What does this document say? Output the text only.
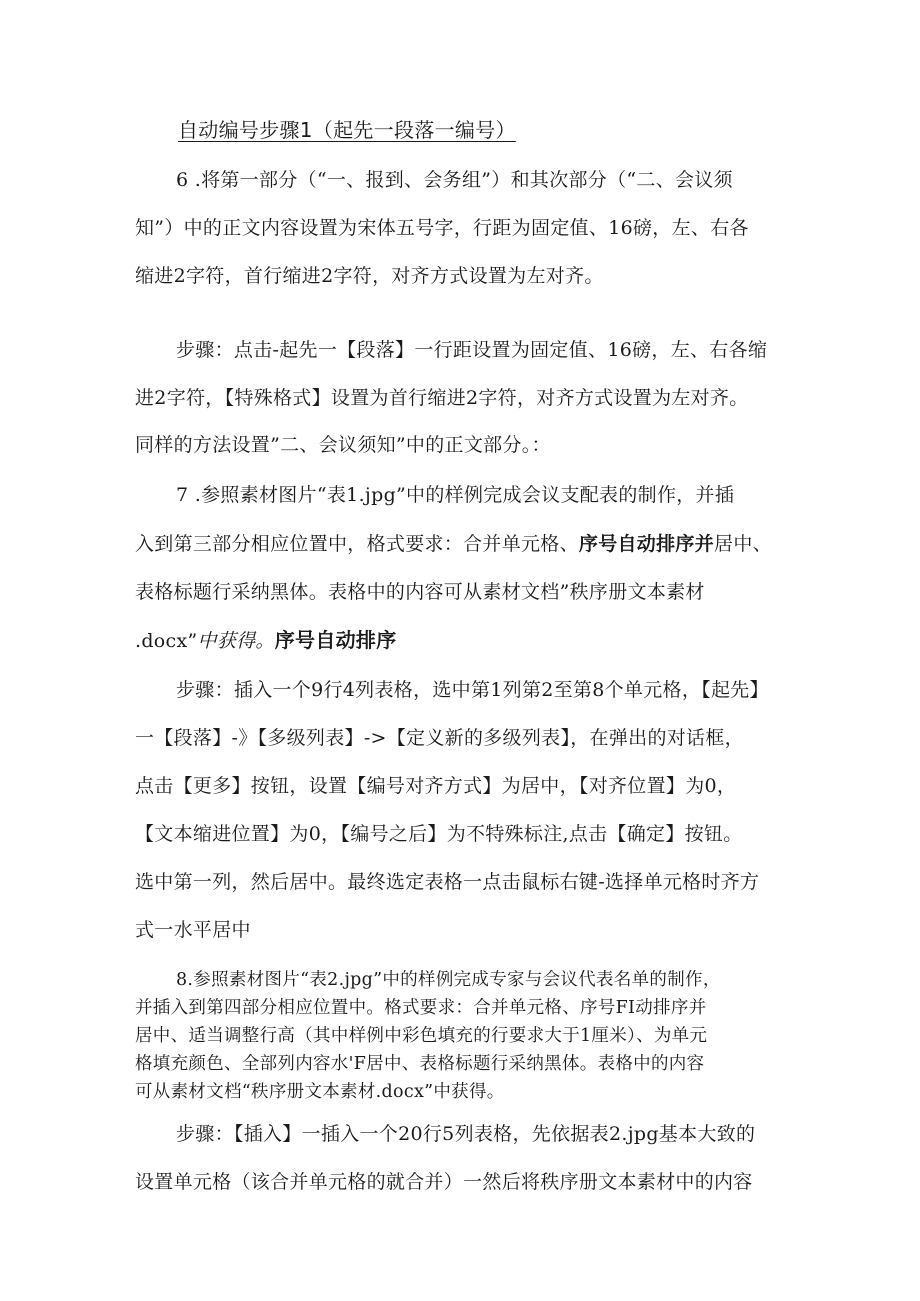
自动编号步骤1（起先一段落一编号）
6 .将第一部分（“一、报到、会务组”）和其次部分（“二、会议须
知”）中的正文内容设置为宋体五号字，行距为固定值、16磅，左、右各
缩进2字符，首行缩进2字符，对齐方式设置为左对齐。
步骤：点击-起先一【段落】一行距设置为固定值、16磅，左、右各缩
进2字符，【特殊格式】设置为首行缩进2字符，对齐方式设置为左对齐。
同样的方法设置”二、会议须知”中的正文部分。：
7 .参照素材图片“表1.jpg”中的样例完成会议支配表的制作，并插
入到第三部分相应位置中，格式要求：合并单元格、序号自动排序并居中、
表格标题行采纳黑体。表格中的内容可从素材文档”秩序册文本素材
.docx”中获得。序号自动排序
步骤：插入一个9行4列表格，选中第1列第2至第8个单元格，【起先】
一【段落】-》【多级列表】->【定义新的多级列表】，在弹出的对话框，
点击【更多】按钮，设置【编号对齐方式】为居中，【对齐位置】为0，
【文本缩进位置】为0，【编号之后】为不特殊标注,点击【确定】按钮。
选中第一列，然后居中。最终选定表格一点击鼠标右键-选择单元格时齐方
式一水平居中
8.参照素材图片“表2.jpg”中的样例完成专家与会议代表名单的制作，
并插入到第四部分相应位置中。格式要求：合并单元格、序号FI动排序并
居中、适当调整行高（其中样例中彩色填充的行要求大于1厘米）、为单元
格填充颜色、全部列内容水'F居中、表格标题行采纳黑体。表格中的内容
可从素材文档“秩序册文本素材.docx”中获得。
步骤：【插入】一插入一个20行5列表格，先依据表2.jpg基本大致的
设置单元格（该合并单元格的就合并）一然后将秩序册文本素材中的内容
